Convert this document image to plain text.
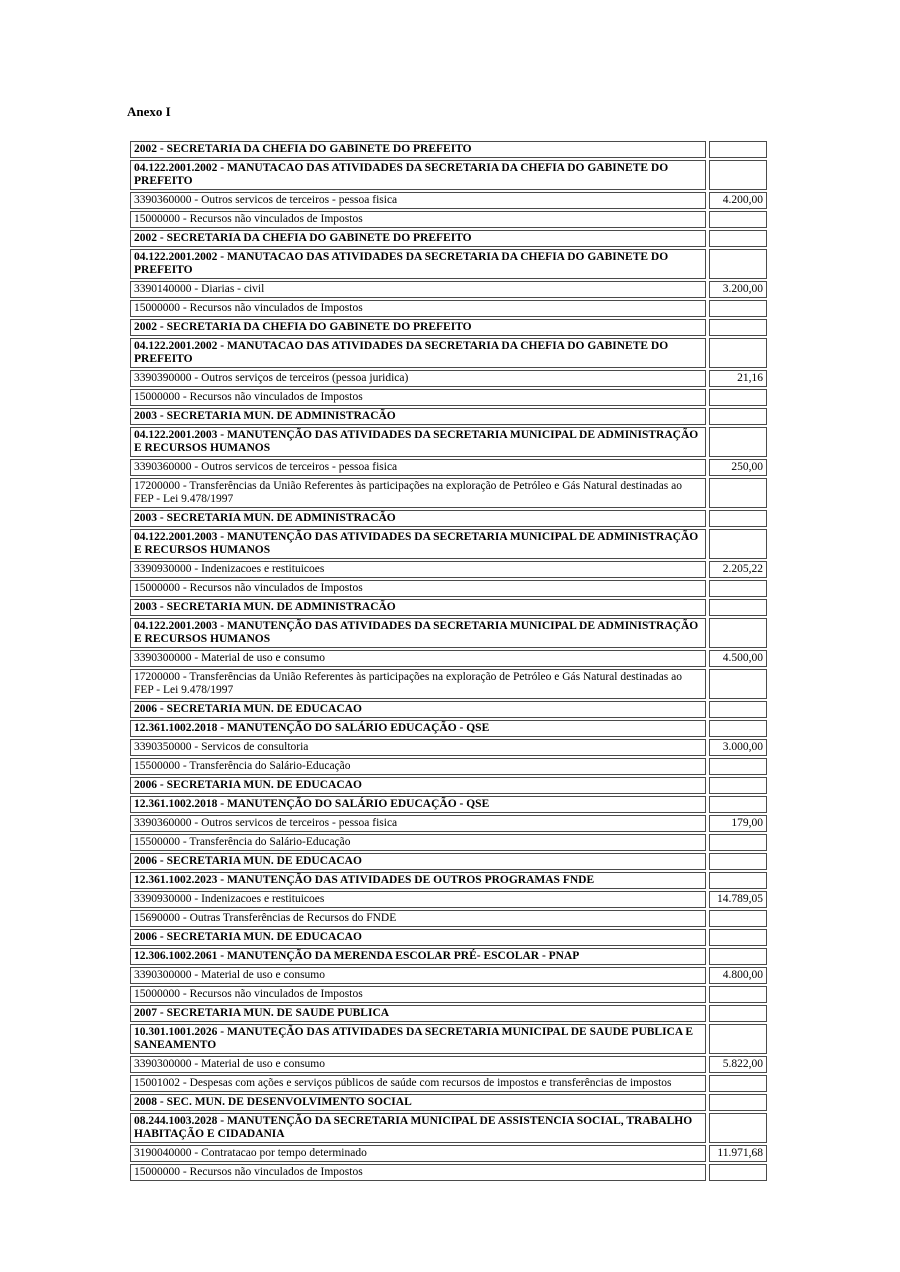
Anexo I
2002 - SECRETARIA DA CHEFIA DO GABINETE DO PREFEITO	
04.122.2001.2002 - MANUTACAO DAS ATIVIDADES DA SECRETARIA DA CHEFIA DO GABINETE DO PREFEITO	
3390360000 - Outros servicos de terceiros - pessoa fisica	4.200,00
15000000 - Recursos não vinculados de Impostos	
2002 - SECRETARIA DA CHEFIA DO GABINETE DO PREFEITO	
04.122.2001.2002 - MANUTACAO DAS ATIVIDADES DA SECRETARIA DA CHEFIA DO GABINETE DO PREFEITO	
3390140000 - Diarias - civil	3.200,00
15000000 - Recursos não vinculados de Impostos	
2002 - SECRETARIA DA CHEFIA DO GABINETE DO PREFEITO	
04.122.2001.2002 - MANUTACAO DAS ATIVIDADES DA SECRETARIA DA CHEFIA DO GABINETE DO PREFEITO	
3390390000 - Outros serviços de terceiros (pessoa juridica)	21,16
15000000 - Recursos não vinculados de Impostos	
2003 - SECRETARIA MUN. DE ADMINISTRACÃO	
04.122.2001.2003 - MANUTENÇÃO DAS ATIVIDADES DA SECRETARIA MUNICIPAL DE ADMINISTRAÇÃO E RECURSOS HUMANOS	
3390360000 - Outros servicos de terceiros - pessoa fisica	250,00
17200000 - Transferências da União Referentes às participações na exploração de Petróleo e Gás Natural destinadas ao FEP - Lei 9.478/1997	
2003 - SECRETARIA MUN. DE ADMINISTRACÃO	
04.122.2001.2003 - MANUTENÇÃO DAS ATIVIDADES DA SECRETARIA MUNICIPAL DE ADMINISTRAÇÃO E RECURSOS HUMANOS	
3390930000 - Indenizacoes e restituicoes	2.205,22
15000000 - Recursos não vinculados de Impostos	
2003 - SECRETARIA MUN. DE ADMINISTRACÃO	
04.122.2001.2003 - MANUTENÇÃO DAS ATIVIDADES DA SECRETARIA MUNICIPAL DE ADMINISTRAÇÃO E RECURSOS HUMANOS	
3390300000 - Material de uso e consumo	4.500,00
17200000 - Transferências da União Referentes às participações na exploração de Petróleo e Gás Natural destinadas ao FEP - Lei 9.478/1997	
2006 - SECRETARIA MUN. DE EDUCACAO	
12.361.1002.2018 - MANUTENÇÃO DO SALÁRIO EDUCAÇÃO - QSE	
3390350000 - Servicos de consultoria	3.000,00
15500000 - Transferência do Salário-Educação	
2006 - SECRETARIA MUN. DE EDUCACAO	
12.361.1002.2018 - MANUTENÇÃO DO SALÁRIO EDUCAÇÃO - QSE	
3390360000 - Outros servicos de terceiros - pessoa fisica	179,00
15500000 - Transferência do Salário-Educação	
2006 - SECRETARIA MUN. DE EDUCACAO	
12.361.1002.2023 - MANUTENÇÃO DAS ATIVIDADES DE OUTROS PROGRAMAS FNDE	
3390930000 - Indenizacoes e restituicoes	14.789,05
15690000 - Outras Transferências de Recursos do FNDE	
2006 - SECRETARIA MUN. DE EDUCACAO	
12.306.1002.2061 - MANUTENÇÃO DA MERENDA ESCOLAR PRÉ- ESCOLAR - PNAP	
3390300000 - Material de uso e consumo	4.800,00
15000000 - Recursos não vinculados de Impostos	
2007 - SECRETARIA MUN. DE SAUDE PUBLICA	
10.301.1001.2026 - MANUTEÇÃO DAS ATIVIDADES DA SECRETARIA MUNICIPAL DE SAUDE PUBLICA E SANEAMENTO	
3390300000 - Material de uso e consumo	5.822,00
15001002 - Despesas com ações e serviços públicos de saúde com recursos de impostos e transferências de impostos	
2008 - SEC. MUN. DE DESENVOLVIMENTO SOCIAL	
08.244.1003.2028 - MANUTENÇÃO DA SECRETARIA MUNICIPAL DE ASSISTENCIA SOCIAL, TRABALHO HABITAÇÃO E CIDADANIA	
3190040000 - Contratacao por tempo determinado	11.971,68
15000000 - Recursos não vinculados de Impostos	
